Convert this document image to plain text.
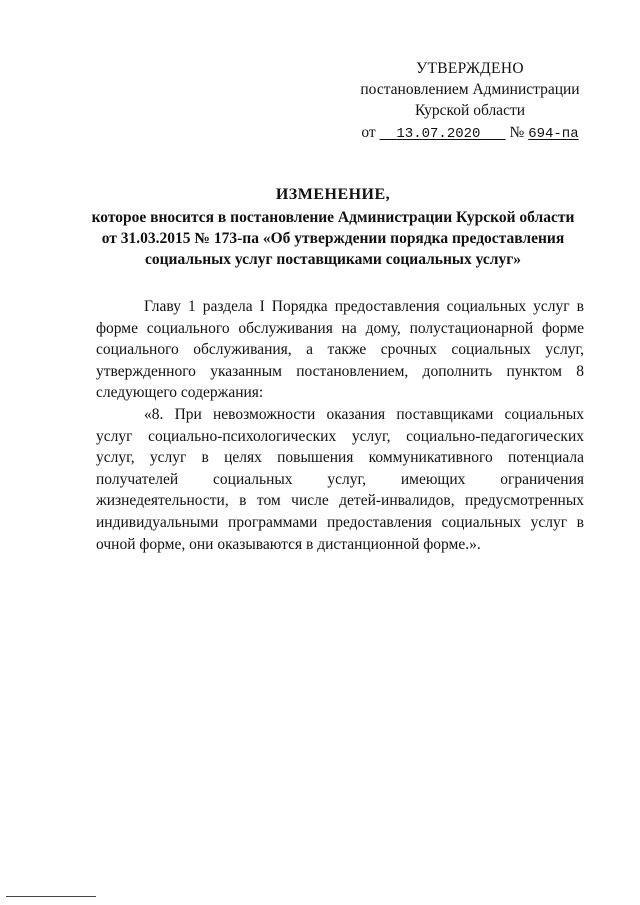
УТВЕРЖДЕНО
постановлением Администрации
Курской области
от 13.07.2020 № 694-па
ИЗМЕНЕНИЕ,
которое вносится в постановление Администрации Курской области
от 31.03.2015 № 173-па «Об утверждении порядка предоставления
социальных услуг поставщиками социальных услуг»

Главу 1 раздела I Порядка предоставления социальных услуг в форме социального обслуживания на дому, полустационарной форме социального обслуживания, а также срочных социальных услуг, утвержденного указанным постановлением, дополнить пунктом 8 следующего содержания:

«8. При невозможности оказания поставщиками социальных услуг социально-психологических услуг, социально-педагогических услуг, услуг в целях повышения коммуникативного потенциала получателей социальных услуг, имеющих ограничения жизнедеятельности, в том числе детей-инвалидов, предусмотренных индивидуальными программами предоставления социальных услуг в очной форме, они оказываются в дистанционной форме.».
